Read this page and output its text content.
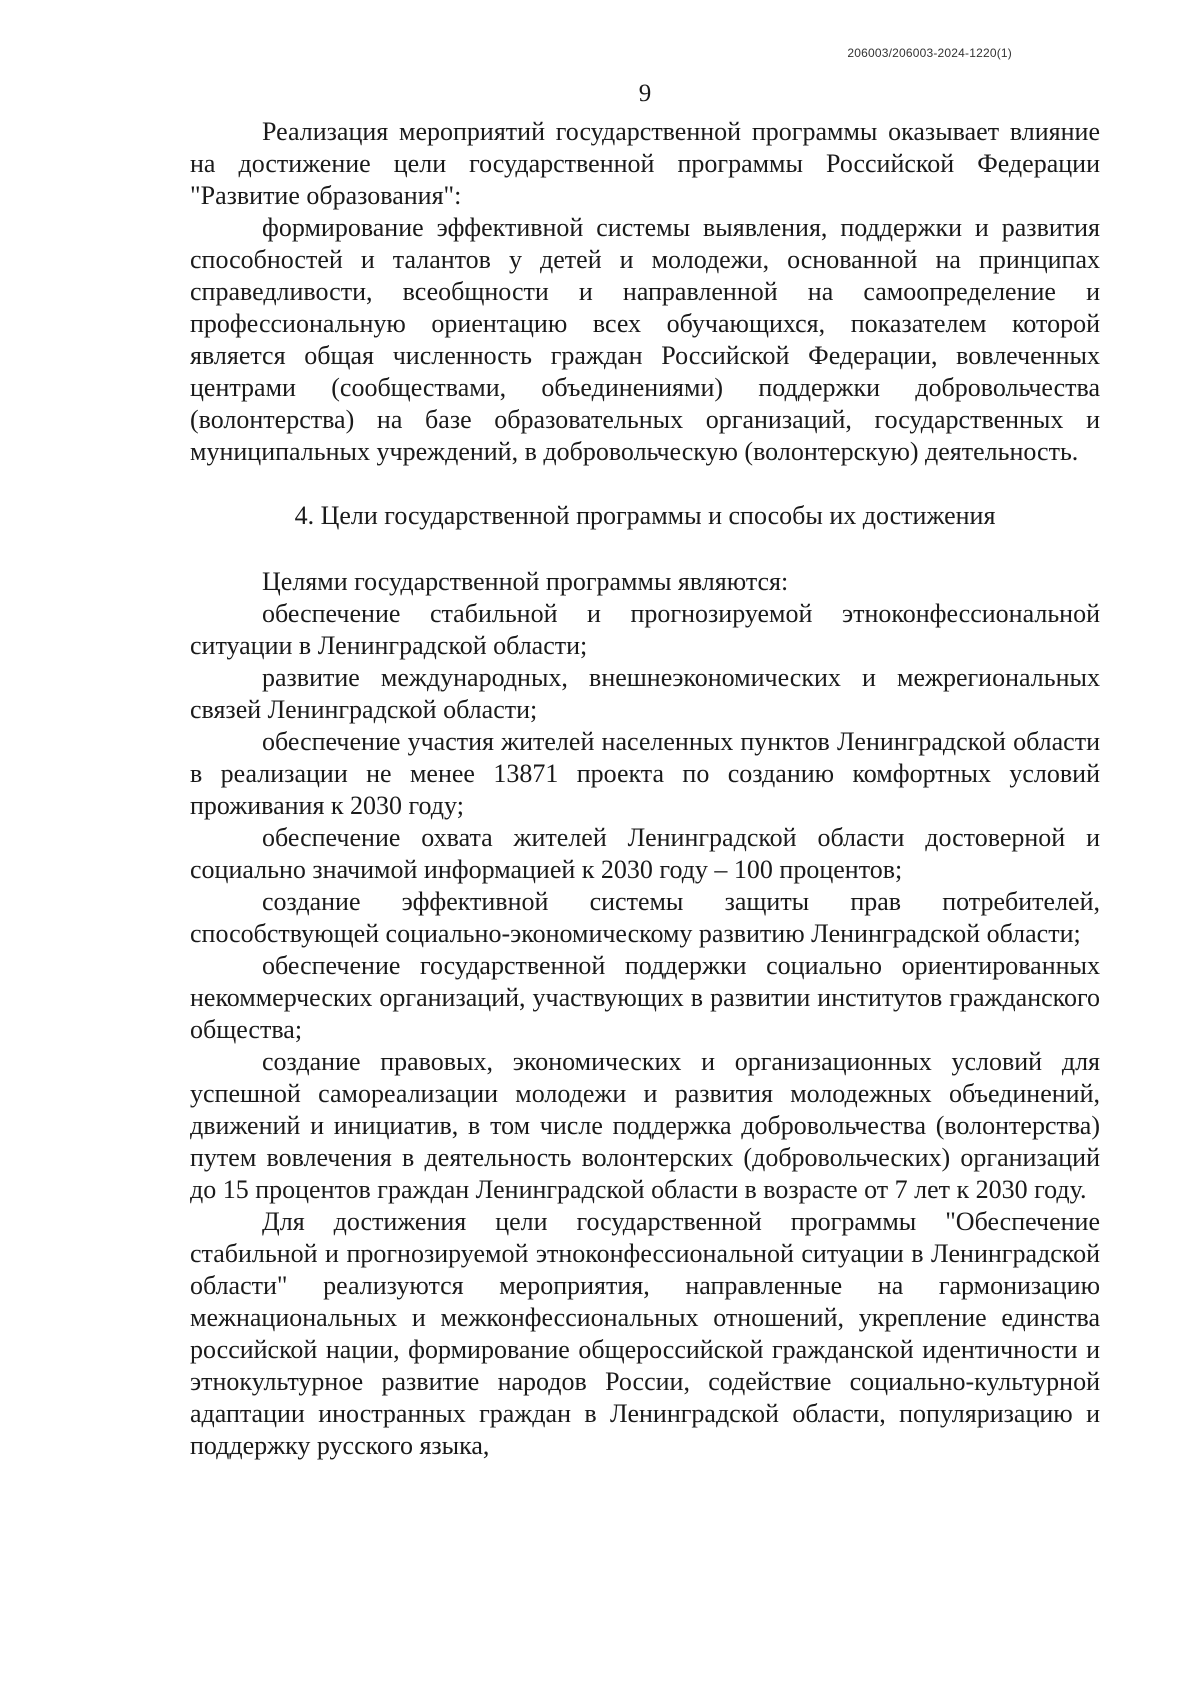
206003/206003-2024-1220(1)
9

Реализация мероприятий государственной программы оказывает влияние на достижение цели государственной программы Российской Федерации "Развитие образования":

формирование эффективной системы выявления, поддержки и развития способностей и талантов у детей и молодежи, основанной на принципах справедливости, всеобщности и направленной на самоопределение и профессиональную ориентацию всех обучающихся, показателем которой является общая численность граждан Российской Федерации, вовлеченных центрами (сообществами, объединениями) поддержки добровольчества (волонтерства) на базе образовательных организаций, государственных и муниципальных учреждений, в добровольческую (волонтерскую) деятельность.

4. Цели государственной программы и способы их достижения

Целями государственной программы являются:

обеспечение стабильной и прогнозируемой этноконфессиональной ситуации в Ленинградской области;

развитие международных, внешнеэкономических и межрегиональных связей Ленинградской области;

обеспечение участия жителей населенных пунктов Ленинградской области в реализации не менее 13871 проекта по созданию комфортных условий проживания к 2030 году;

обеспечение охвата жителей Ленинградской области достоверной и социально значимой информацией к 2030 году – 100 процентов;

создание эффективной системы защиты прав потребителей, способствующей социально-экономическому развитию Ленинградской области;

обеспечение государственной поддержки социально ориентированных некоммерческих организаций, участвующих в развитии институтов гражданского общества;

создание правовых, экономических и организационных условий для успешной самореализации молодежи и развития молодежных объединений, движений и инициатив, в том числе поддержка добровольчества (волонтерства) путем вовлечения в деятельность волонтерских (добровольческих) организаций до 15 процентов граждан Ленинградской области в возрасте от 7 лет к 2030 году.

Для достижения цели государственной программы "Обеспечение стабильной и прогнозируемой этноконфессиональной ситуации в Ленинградской области" реализуются мероприятия, направленные на гармонизацию межнациональных и межконфессиональных отношений, укрепление единства российской нации, формирование общероссийской гражданской идентичности и этнокультурное развитие народов России, содействие социально-культурной адаптации иностранных граждан в Ленинградской области, популяризацию и поддержку русского языка,
